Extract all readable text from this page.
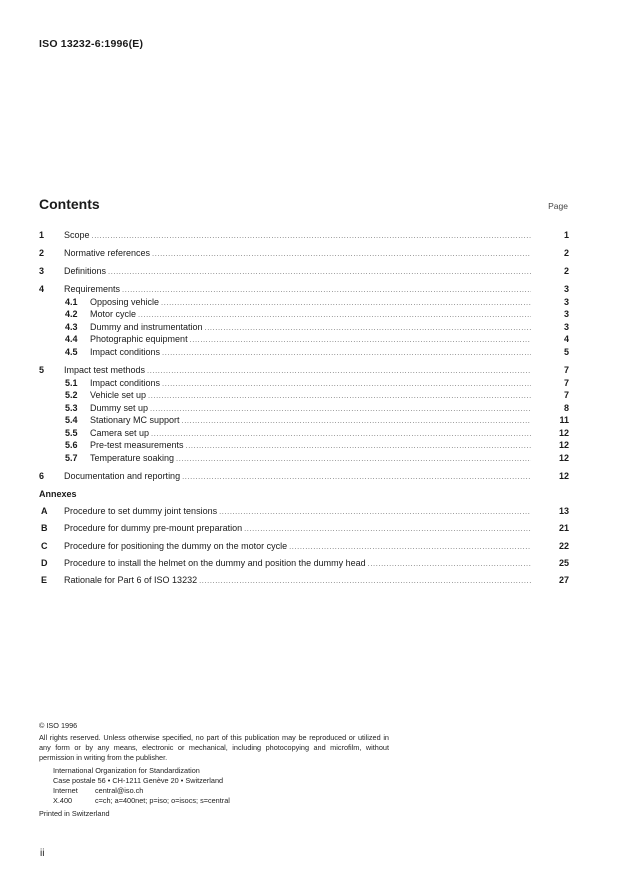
ISO 13232-6:1996(E)
Contents	Page
1 Scope .....	1
2 Normative references .....	2
3 Definitions .....	2
4 Requirements .....	3
4.1 Opposing vehicle .....	3
4.2 Motor cycle .....	3
4.3 Dummy and instrumentation .....	3
4.4 Photographic equipment .....	4
4.5 Impact conditions .....	5
5 Impact test methods .....	7
5.1 Impact conditions .....	7
5.2 Vehicle set up .....	7
5.3 Dummy set up .....	8
5.4 Stationary MC support .....	11
5.5 Camera set up .....	12
5.6 Pre-test measurements .....	12
5.7 Temperature soaking .....	12
6 Documentation and reporting .....	12
Annexes
A Procedure to set dummy joint tensions .....	13
B Procedure for dummy pre-mount preparation .....	21
C Procedure for positioning the dummy on the motor cycle .....	22
D Procedure to install the helmet on the dummy and position the dummy head .....	25
E Rationale for Part 6 of ISO 13232 .....	27
© ISO 1996
All rights reserved. Unless otherwise specified, no part of this publication may be reproduced or utilized in any form or by any means, electronic or mechanical, including photocopying and microfilm, without permission in writing from the publisher.
International Organization for Standardization
Case postale 56 • CH-1211 Genève 20 • Switzerland
Internet central@iso.ch
X.400	c=ch; a=400net; p=iso; o=isocs; s=central
Printed in Switzerland
ii
